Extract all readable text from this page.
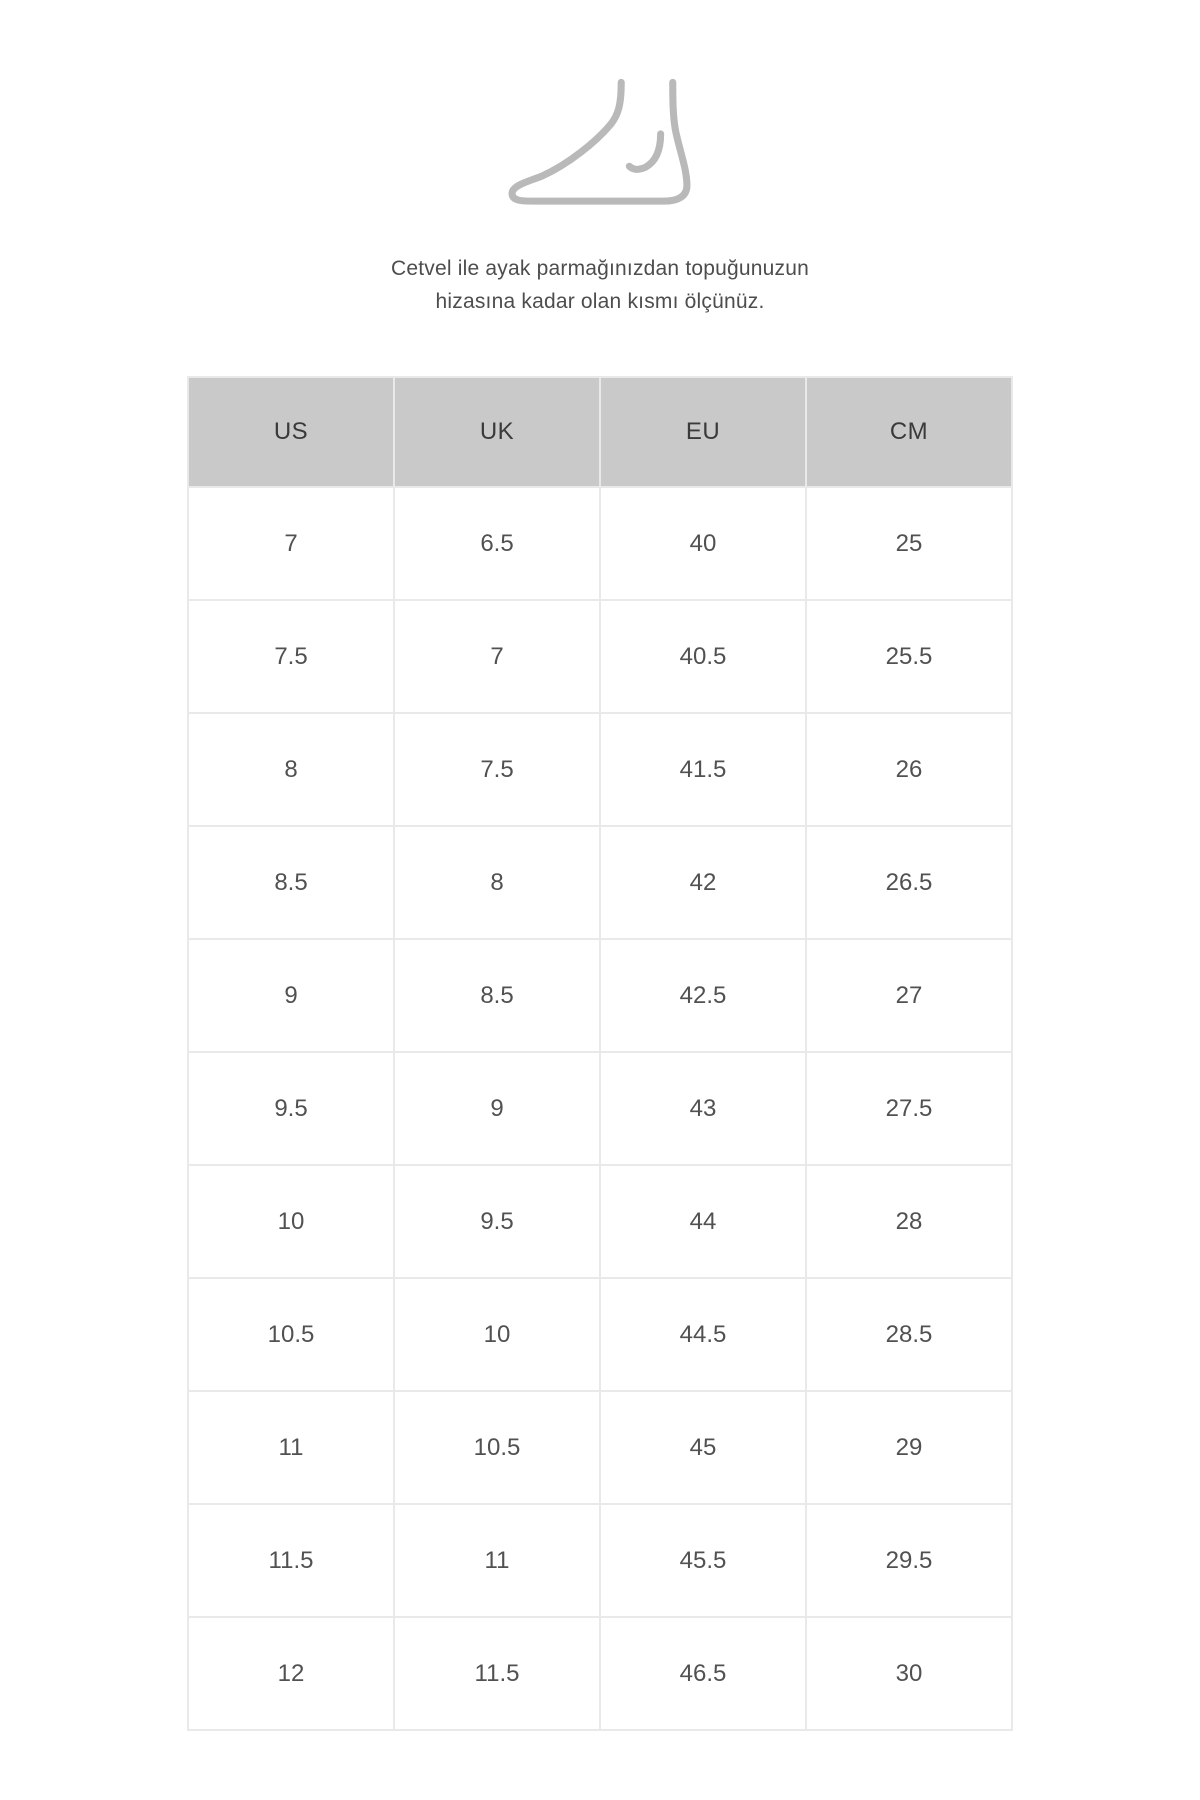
Cetvel ile ayak parmağınızdan topuğunuzun
hizasına kadar olan kısmı ölçünüz.
US	UK	EU	CM
7	6.5	40	25
7.5	7	40.5	25.5
8	7.5	41.5	26
8.5	8	42	26.5
9	8.5	42.5	27
9.5	9	43	27.5
10	9.5	44	28
10.5	10	44.5	28.5
11	10.5	45	29
11.5	11	45.5	29.5
12	11.5	46.5	30
